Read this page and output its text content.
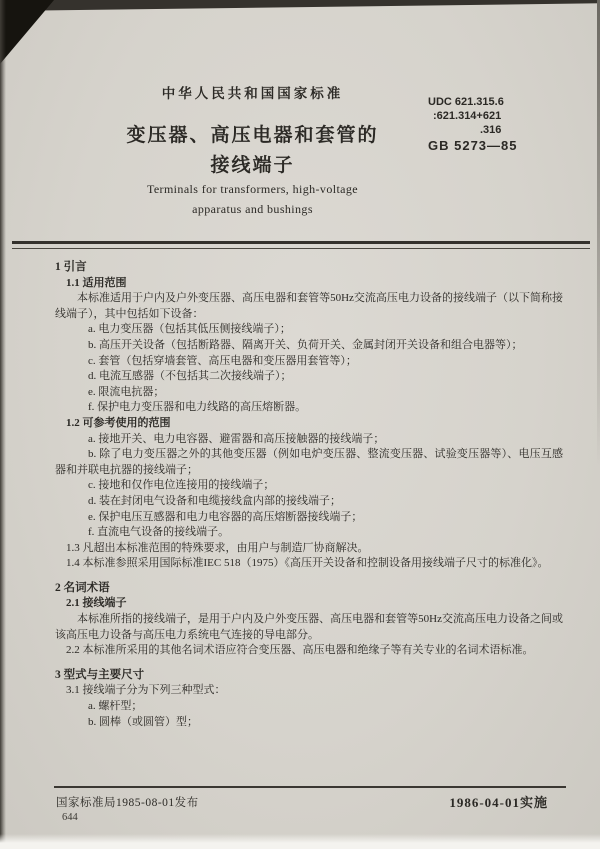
中华人民共和国国家标准
UDC 621.315.6
:621.314+621
.316
变压器、高压电器和套管的
接线端子
GB 5273—85
Terminals for transformers, high-voltage
apparatus and bushings
1 引言
1.1 适用范围
本标准适用于户内及户外变压器、高压电器和套管等50Hz交流高压电力设备的接线端子（以下简称接线端子），其中包括如下设备：
a. 电力变压器（包括其低压侧接线端子）；
b. 高压开关设备（包括断路器、隔离开关、负荷开关、金属封闭开关设备和组合电器等）；
c. 套管（包括穿墙套管、高压电器和变压器用套管等）；
d. 电流互感器（不包括其二次接线端子）；
e. 限流电抗器；
f. 保护电力变压器和电力线路的高压熔断器。
1.2 可参考使用的范围
a. 接地开关、电力电容器、避雷器和高压接触器的接线端子；
b. 除了电力变压器之外的其他变压器（例如电炉变压器、整流变压器、试验变压器等）、电压互感器和并联电抗器的接线端子；
c. 接地和仅作电位连接用的接线端子；
d. 装在封闭电气设备和电缆接线盒内部的接线端子；
e. 保护电压互感器和电力电容器的高压熔断器接线端子；
f. 直流电气设备的接线端子。
1.3 凡超出本标准范围的特殊要求，由用户与制造厂协商解决。
1.4 本标准参照采用国际标准IEC 518（1975）《高压开关设备和控制设备用接线端子尺寸的标准化》。
2 名词术语
2.1 接线端子
本标准所指的接线端子，是用于户内及户外变压器、高压电器和套管等50Hz交流高压电力设备之间或该高压电力设备与高压电力系统电气连接的导电部分。
2.2 本标准所采用的其他名词术语应符合变压器、高压电器和绝缘子等有关专业的名词术语标准。
3 型式与主要尺寸
3.1 接线端子分为下列三种型式：
a. 螺杆型；
b. 圆棒（或圆管）型；
国家标准局1985-08-01发布	1986-04-01实施
644
